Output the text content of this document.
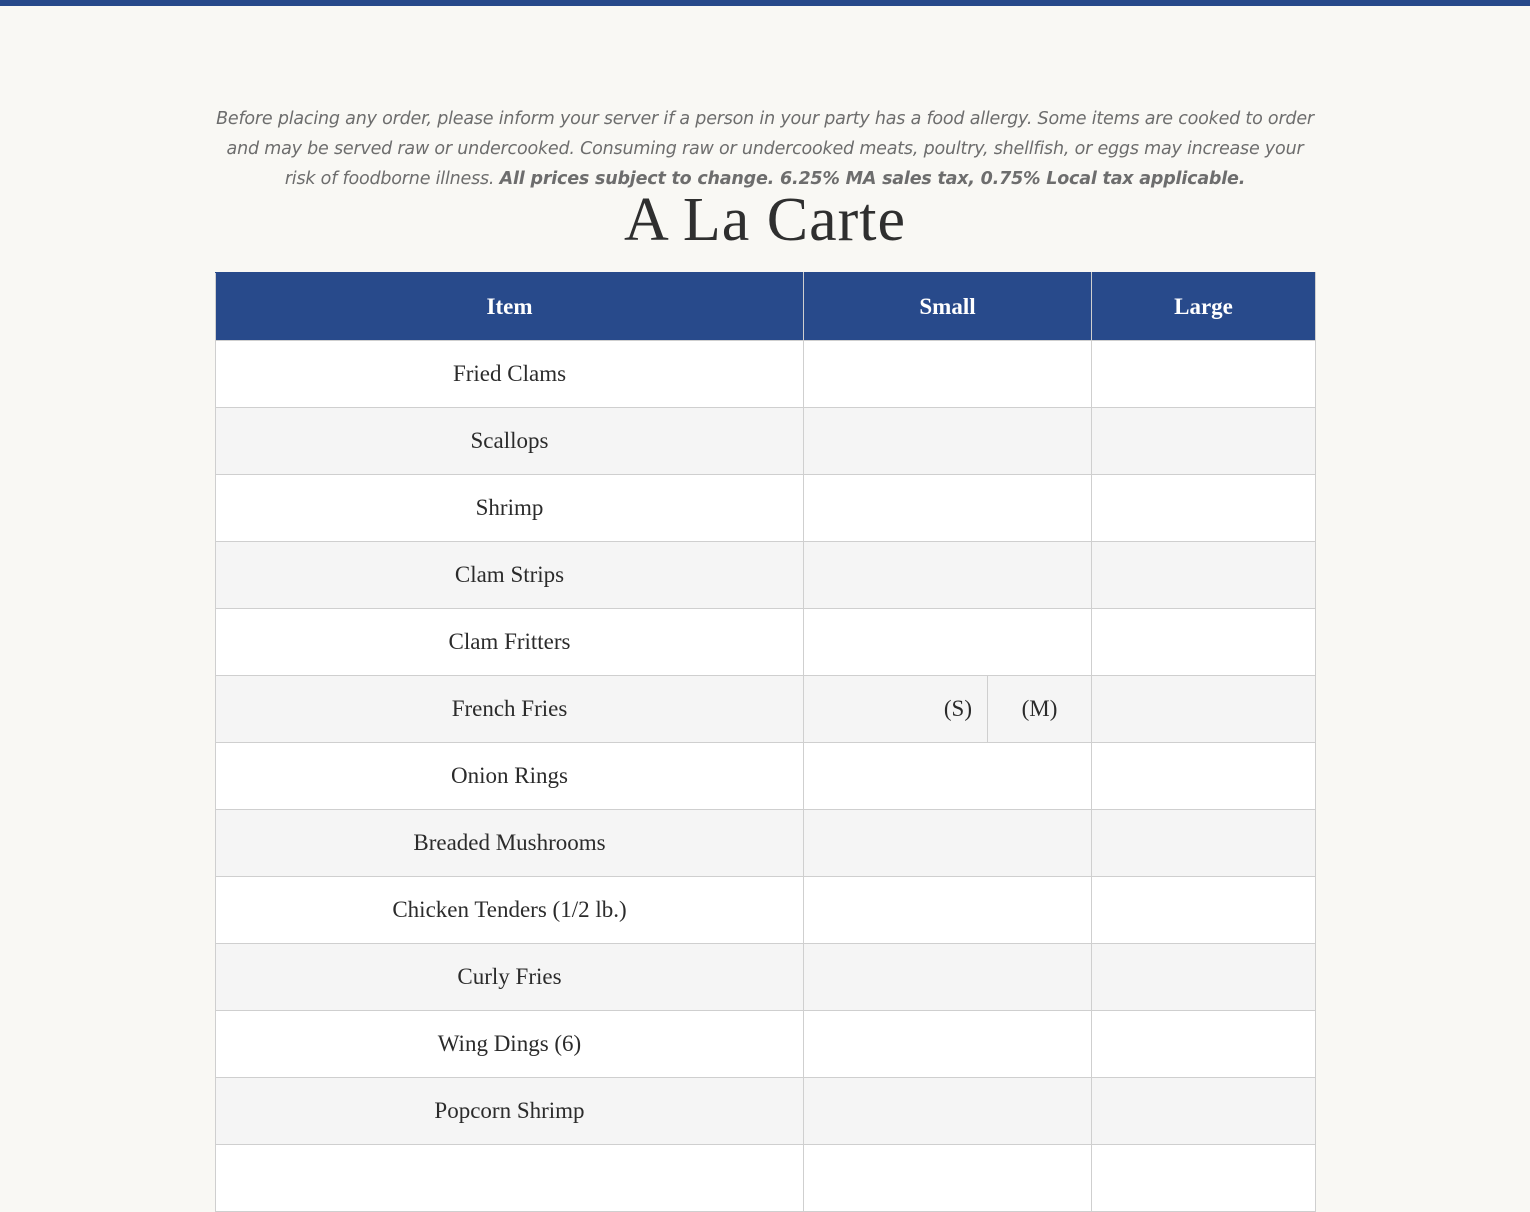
Before placing any order, please inform your server if a person in your party has a food allergy. Some items are cooked to order and may be served raw or undercooked. Consuming raw or undercooked meats, poultry, shellfish, or eggs may increase your risk of foodborne illness. All prices subject to change. 6.25% MA sales tax, 0.75% Local tax applicable.

A La Carte
Item	Small		Large
Fried Clams			
Scallops			
Shrimp			
Clam Strips			
Clam Fritters			
French Fries	(S)	(M)	
Onion Rings			
Breaded Mushrooms			
Chicken Tenders (1/2 lb.)			
Curly Fries			
Wing Dings (6)			
Popcorn Shrimp			
